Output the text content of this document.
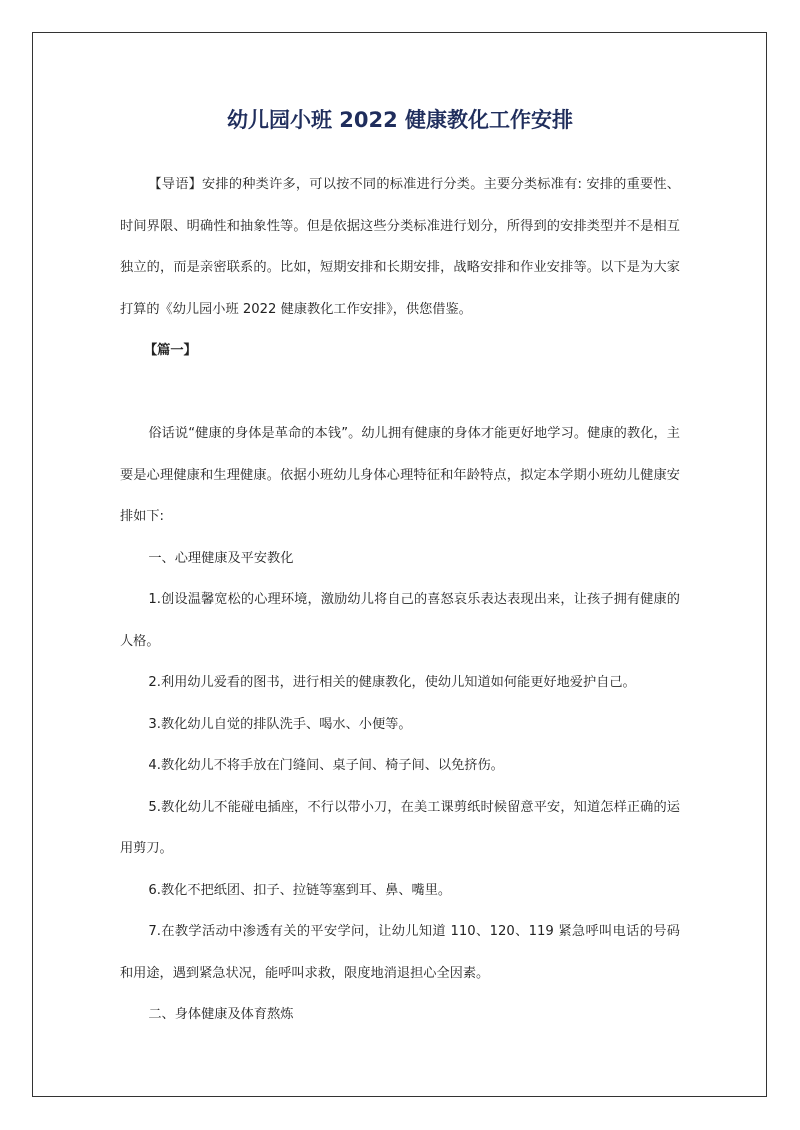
幼儿园小班 2022 健康教化工作安排

【导语】安排的种类许多，可以按不同的标准进行分类。主要分类标准有: 安排的重要性、时间界限、明确性和抽象性等。但是依据这些分类标准进行划分，所得到的安排类型并不是相互独立的，而是亲密联系的。比如，短期安排和长期安排，战略安排和作业安排等。以下是为大家打算的《幼儿园小班 2022 健康教化工作安排》，供您借鉴。

【篇一】

俗话说“健康的身体是革命的本钱”。幼儿拥有健康的身体才能更好地学习。健康的教化，主要是心理健康和生理健康。依据小班幼儿身体心理特征和年龄特点，拟定本学期小班幼儿健康安排如下:

一、心理健康及平安教化

1.创设温馨宽松的心理环境，激励幼儿将自己的喜怒哀乐表达表现出来，让孩子拥有健康的人格。

2.利用幼儿爱看的图书，进行相关的健康教化，使幼儿知道如何能更好地爱护自己。

3.教化幼儿自觉的排队洗手、喝水、小便等。

4.教化幼儿不将手放在门缝间、桌子间、椅子间、以免挤伤。

5.教化幼儿不能碰电插座，不行以带小刀，在美工课剪纸时候留意平安，知道怎样正确的运用剪刀。

6.教化不把纸团、扣子、拉链等塞到耳、鼻、嘴里。

7.在教学活动中渗透有关的平安学问，让幼儿知道 110、120、119 紧急呼叫电话的号码和用途，遇到紧急状况，能呼叫求救，限度地消退担心全因素。

二、身体健康及体育熬炼
